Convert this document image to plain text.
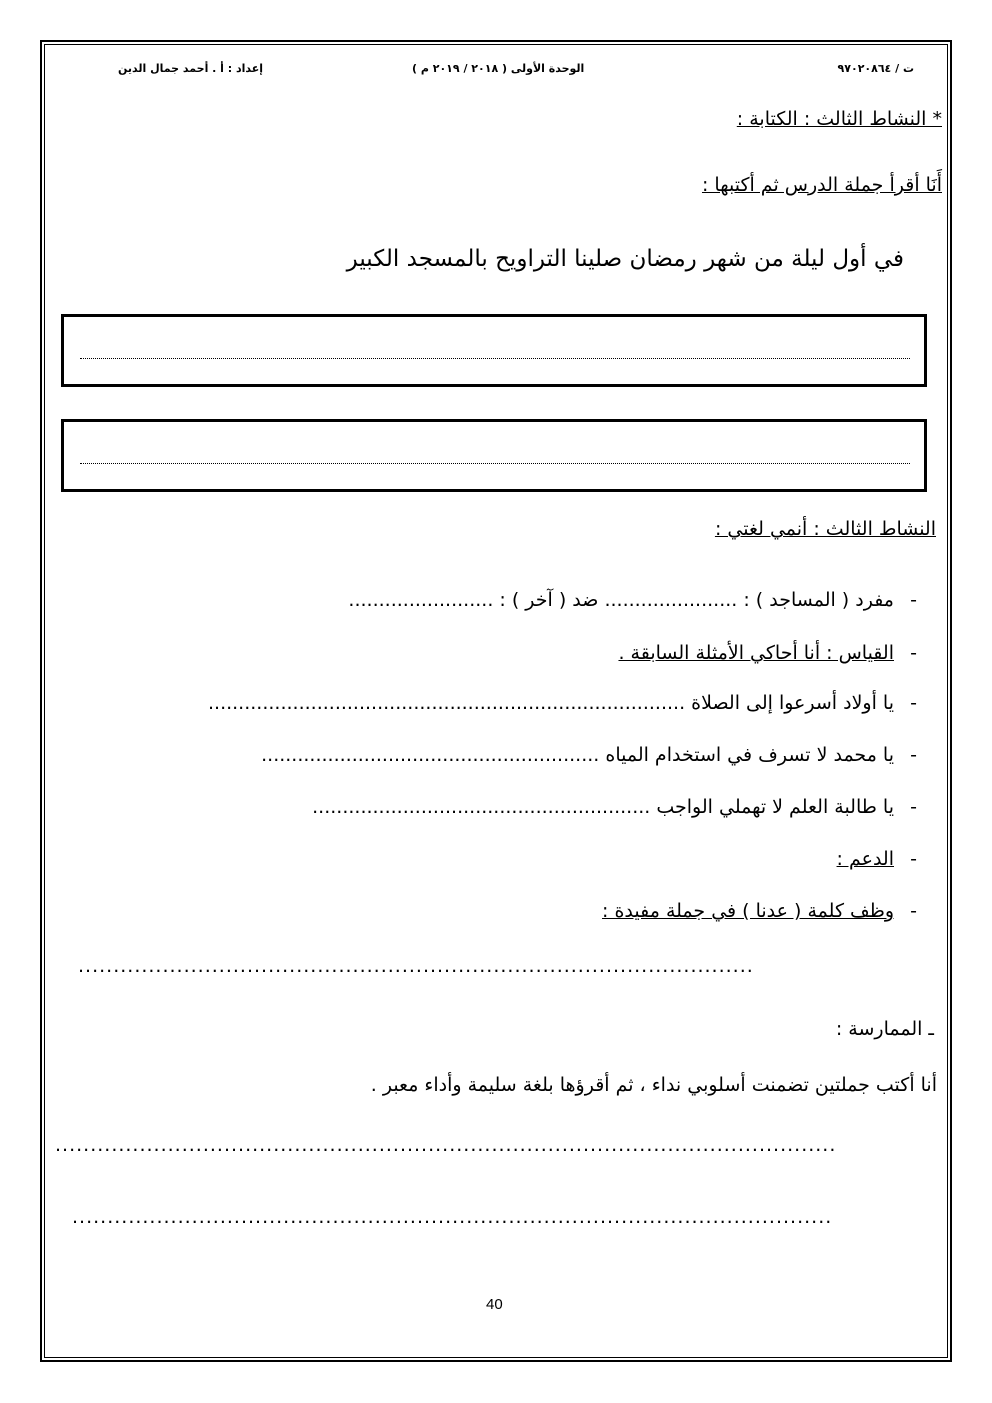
ت / ٩٧٠٢٠٨٦٤
الوحدة الأولى ( ٢٠١٨ / ٢٠١٩ م )
إعداد : أ . أحمد جمال الدين
* النشاط الثالث : الكتابة :
أَنَا أقرأ جملة الدرس ثم أكتبها :
في أول ليلة من شهر رمضان صلينا التراويح بالمسجد الكبير
النشاط الثالث : أنمي لغتي :
-
مفرد ( المساجد ) : ...................... ضد ( آخر ) : ........................
-
القياس : أنا أحاكي الأمثلة السابقة .
-
يا أولاد أسرعوا إلى الصلاة ...............................................................................
-
يا محمد لا تسرف في استخدام المياه ........................................................
-
يا طالبة العلم لا تهملي الواجب ........................................................
-
الدعم :
-
وظف كلمة ( عدنا ) في جملة مفيدة :
................................................................................................
ـ الممارسة :
أنا أكتب جملتين تضمنت أسلوبي نداء ، ثم أقرؤها بلغة سليمة وأداء معبر .
...............................................................................................................
............................................................................................................
40
